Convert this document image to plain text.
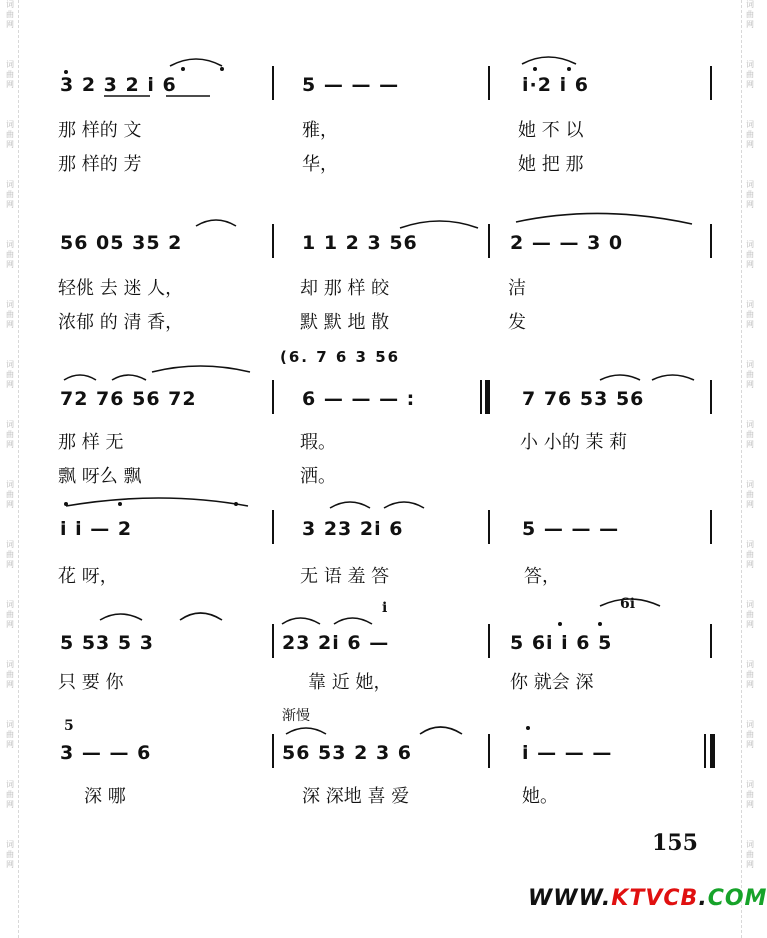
词
曲
网
词
曲
网
词
曲
网
词
曲
网
词
曲
网
词
曲
网
词
曲
网
词
曲
网
词
曲
网
词
曲
网
词
曲
网
词
曲
网
词
曲
网
词
曲
网
词
曲
网
词
曲
网
词
曲
网
词
曲
网
词
曲
网
词
曲
网
词
曲
网
词
曲
网
词
曲
网
词
曲
网
词
曲
网
词
曲
网
词
曲
网
词
曲
网
词
曲
网
词
曲
网
3 2 3 2 i 6	5 — — —	i·2 i 6
那 样的 文	雅，	她 不 以
那 样的 芳	华，	她 把 那
56 05 35 2	1 1 2 3 56	2 — — 3 0
轻佻 去 迷 人，	却 那 样 皎	洁
浓郁 的 清 香，	默 默 地 散	发
(6. 7 6 3 56
72 76 56 72	6 — — — :	7 76 53 56
那 样 无	瑕。	小 小的 茉 莉
飘 呀么 飘	洒。
i i — 2	3 23 2i 6	5 — — —
花 呀，	无 语 羞 答	答，
i	6i
5 53 5 3	23 2i 6 —	5 6i i 6 5
只 要 你	靠 近 她，	你 就会 深
5
渐慢
3 — — 6	56 53 2 3 6	i — — —
深 哪	深 深地 喜 爱	她。
155
WWW.KTVCB.COM
